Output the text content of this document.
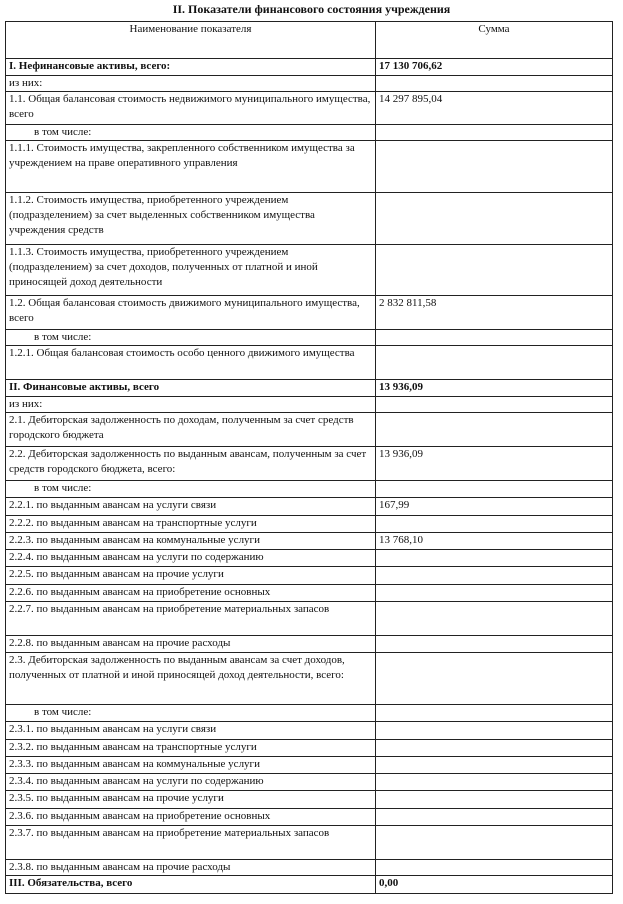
II. Показатели финансового состояния учреждения
Наименование показателя	Сумма
I. Нефинансовые активы, всего:	17 130 706,62
из них:	
1.1. Общая балансовая стоимость недвижимого муниципального имущества, всего	14 297 895,04
в том числе:	
1.1.1. Стоимость имущества, закрепленного собственником имущества за учреждением на праве оперативного управления	
1.1.2. Стоимость имущества, приобретенного учреждением (подразделением) за счет выделенных собственником имущества учреждения средств	
1.1.3. Стоимость имущества, приобретенного учреждением (подразделением) за счет доходов, полученных от платной и иной приносящей доход деятельности	
1.2. Общая балансовая стоимость движимого муниципального имущества, всего	2 832 811,58
в том числе:	
1.2.1. Общая балансовая стоимость особо ценного движимого имущества	
II. Финансовые активы, всего	13 936,09
из них:	
2.1. Дебиторская задолженность по доходам, полученным за счет средств городского бюджета	
2.2. Дебиторская задолженность по выданным авансам, полученным за счет средств городского бюджета, всего:	13 936,09
в том числе:	
2.2.1. по выданным авансам на услуги связи	167,99
2.2.2. по выданным авансам на транспортные услуги	
2.2.3. по выданным авансам на коммунальные услуги	13 768,10
2.2.4. по выданным авансам на услуги по содержанию	
2.2.5. по выданным авансам на прочие услуги	
2.2.6. по выданным авансам на приобретение основных	
2.2.7. по выданным авансам на приобретение материальных запасов	
2.2.8. по выданным авансам на прочие расходы	
2.3. Дебиторская задолженность по выданным авансам за счет доходов, полученных от платной и иной приносящей доход деятельности, всего:	
в том числе:	
2.3.1. по выданным авансам на услуги связи	
2.3.2. по выданным авансам на транспортные услуги	
2.3.3. по выданным авансам на коммунальные услуги	
2.3.4. по выданным авансам на услуги по содержанию	
2.3.5. по выданным авансам на прочие услуги	
2.3.6. по выданным авансам на приобретение основных	
2.3.7. по выданным авансам на приобретение материальных запасов	
2.3.8. по выданным авансам на прочие расходы	
III. Обязательства, всего	0,00
